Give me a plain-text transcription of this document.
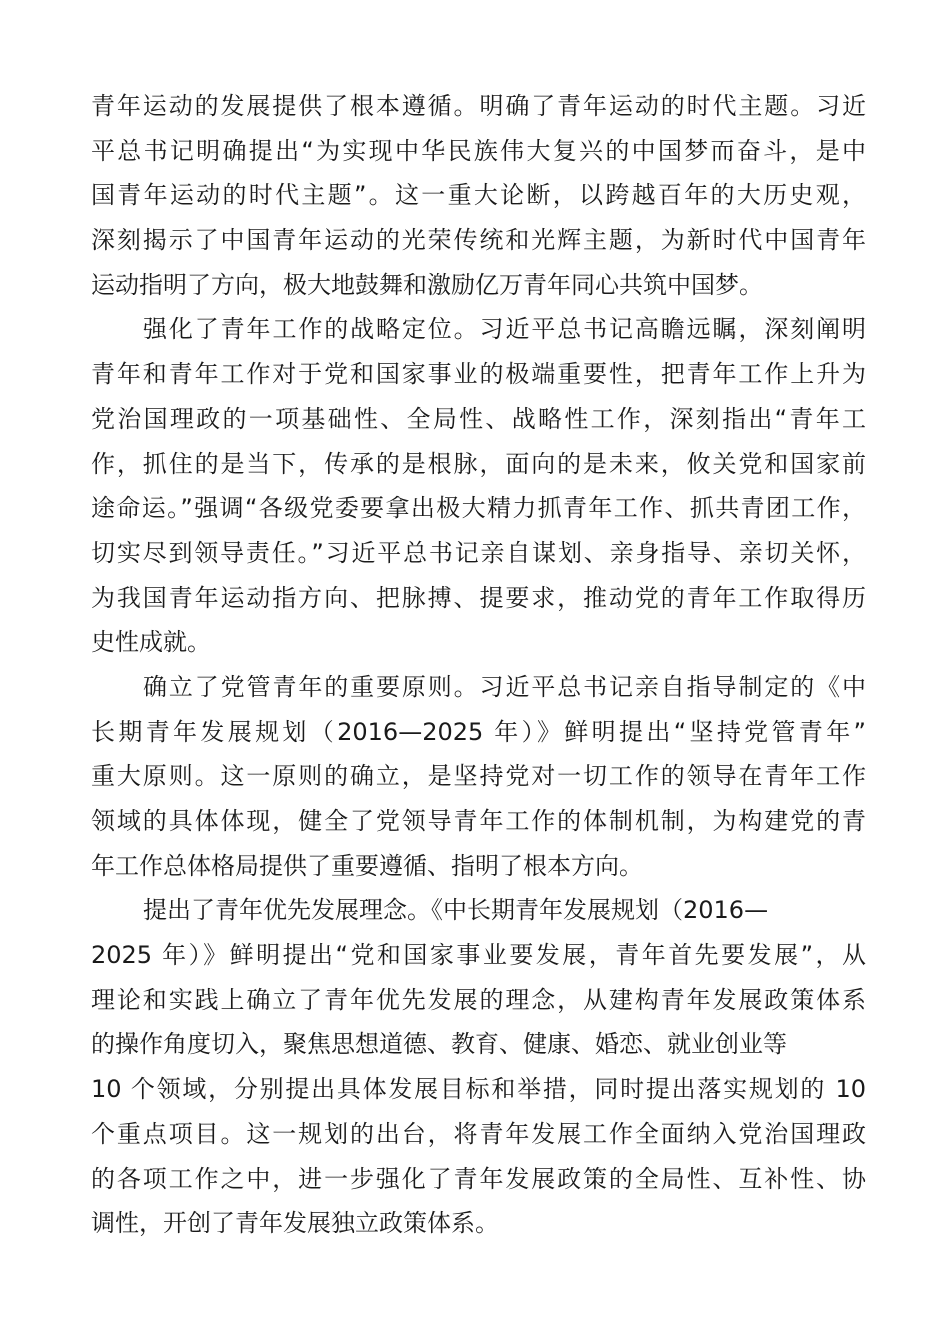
青年运动的发展提供了根本遵循。明确了青年运动的时代主题。习近
平总书记明确提出“为实现中华民族伟大复兴的中国梦而奋斗，是中
国青年运动的时代主题”。这一重大论断，以跨越百年的大历史观，
深刻揭示了中国青年运动的光荣传统和光辉主题，为新时代中国青年
运动指明了方向，极大地鼓舞和激励亿万青年同心共筑中国梦。
强化了青年工作的战略定位。习近平总书记高瞻远瞩，深刻阐明
青年和青年工作对于党和国家事业的极端重要性，把青年工作上升为
党治国理政的一项基础性、全局性、战略性工作，深刻指出“青年工
作，抓住的是当下，传承的是根脉，面向的是未来，攸关党和国家前
途命运。”强调“各级党委要拿出极大精力抓青年工作、抓共青团工作，
切实尽到领导责任。”习近平总书记亲自谋划、亲身指导、亲切关怀，
为我国青年运动指方向、把脉搏、提要求，推动党的青年工作取得历
史性成就。
确立了党管青年的重要原则。习近平总书记亲自指导制定的《中
长期青年发展规划（2016—2025 年）》鲜明提出“坚持党管青年”
重大原则。这一原则的确立，是坚持党对一切工作的领导在青年工作
领域的具体体现，健全了党领导青年工作的体制机制，为构建党的青
年工作总体格局提供了重要遵循、指明了根本方向。
提出了青年优先发展理念。《中长期青年发展规划（2016—
2025 年）》鲜明提出“党和国家事业要发展，青年首先要发展”，从
理论和实践上确立了青年优先发展的理念，从建构青年发展政策体系
的操作角度切入，聚焦思想道德、教育、健康、婚恋、就业创业等
10 个领域，分别提出具体发展目标和举措，同时提出落实规划的 10
个重点项目。这一规划的出台，将青年发展工作全面纳入党治国理政
的各项工作之中，进一步强化了青年发展政策的全局性、互补性、协
调性，开创了青年发展独立政策体系。
